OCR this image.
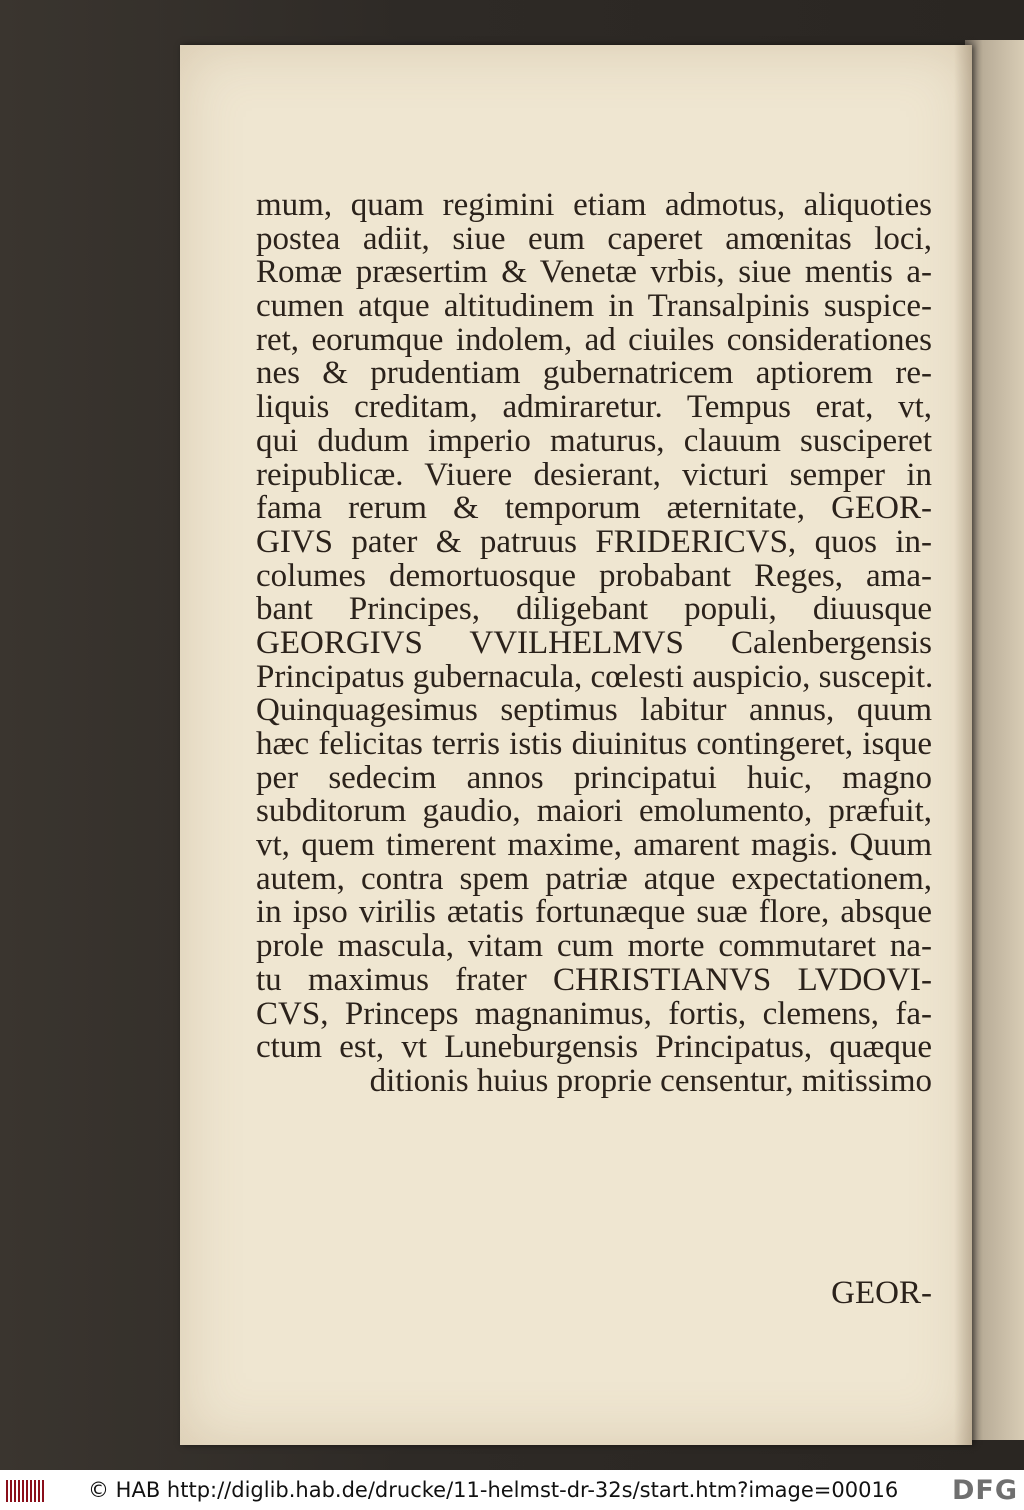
mum, quam regimini etiam admotus, aliquoties
postea adiit, siue eum caperet amœnitas loci,
Romæ præsertim & Venetæ vrbis, siue mentis a-
cumen atque altitudinem in Transalpinis suspice-
ret, eorumque indolem, ad ciuiles considerationes
nes & prudentiam gubernatricem aptiorem re-
liquis creditam, admiraretur. Tempus erat, vt,
qui dudum imperio maturus, clauum susciperet
reipublicæ. Viuere desierant, victuri semper in
fama rerum & temporum æternitate, GEOR-
GIVS pater & patruus FRIDERICVS, quos in-
columes demortuosque probabant Reges, ama-
bant Principes, diligebant populi, diuusque
GEORGIVS VVILHELMVS Calenbergensis
Principatus gubernacula, cœlesti auspicio, suscepit.
Quinquagesimus septimus labitur annus, quum
hæc felicitas terris istis diuinitus contingeret, isque
per sedecim annos principatui huic, magno
subditorum gaudio, maiori emolumento, præfuit,
vt, quem timerent maxime, amarent magis. Quum
autem, contra spem patriæ atque expectationem,
in ipso virilis ætatis fortunæque suæ flore, absque
prole mascula, vitam cum morte commutaret na-
tu maximus frater CHRISTIANVS LVDOVI-
CVS, Princeps magnanimus, fortis, clemens, fa-
ctum est, vt Luneburgensis Principatus, quæque
ditionis huius proprie censentur, mitissimo
GEOR-
© HAB http://diglib.hab.de/drucke/11-helmst-dr-32s/start.htm?image=00016 DFG
